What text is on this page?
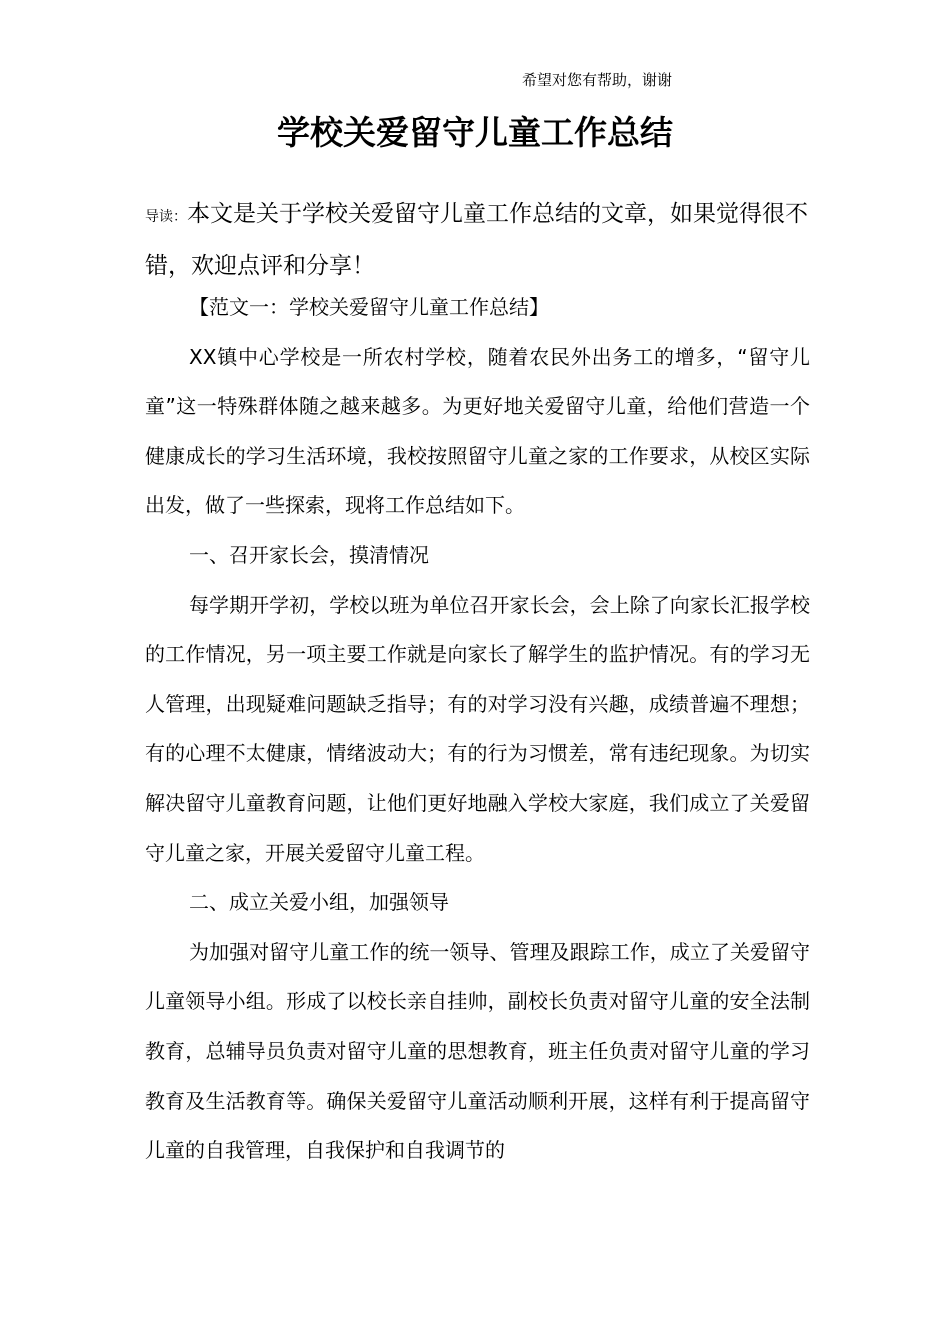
希望对您有帮助，谢谢
学校关爱留守儿童工作总结

导读：本文是关于学校关爱留守儿童工作总结的文章，如果觉得很不错，欢迎点评和分享！

【范文一：学校关爱留守儿童工作总结】

XX镇中心学校是一所农村学校，随着农民外出务工的增多，“留守儿童”这一特殊群体随之越来越多。为更好地关爱留守儿童，给他们营造一个健康成长的学习生活环境，我校按照留守儿童之家的工作要求，从校区实际出发，做了一些探索，现将工作总结如下。

一、召开家长会，摸清情况

每学期开学初，学校以班为单位召开家长会，会上除了向家长汇报学校的工作情况，另一项主要工作就是向家长了解学生的监护情况。有的学习无人管理，出现疑难问题缺乏指导；有的对学习没有兴趣，成绩普遍不理想；有的心理不太健康，情绪波动大；有的行为习惯差，常有违纪现象。为切实解决留守儿童教育问题，让他们更好地融入学校大家庭，我们成立了关爱留守儿童之家，开展关爱留守儿童工程。

二、成立关爱小组，加强领导

为加强对留守儿童工作的统一领导、管理及跟踪工作，成立了关爱留守儿童领导小组。形成了以校长亲自挂帅，副校长负责对留守儿童的安全法制教育，总辅导员负责对留守儿童的思想教育，班主任负责对留守儿童的学习教育及生活教育等。确保关爱留守儿童活动顺利开展，这样有利于提高留守儿童的自我管理，自我保护和自我调节的
